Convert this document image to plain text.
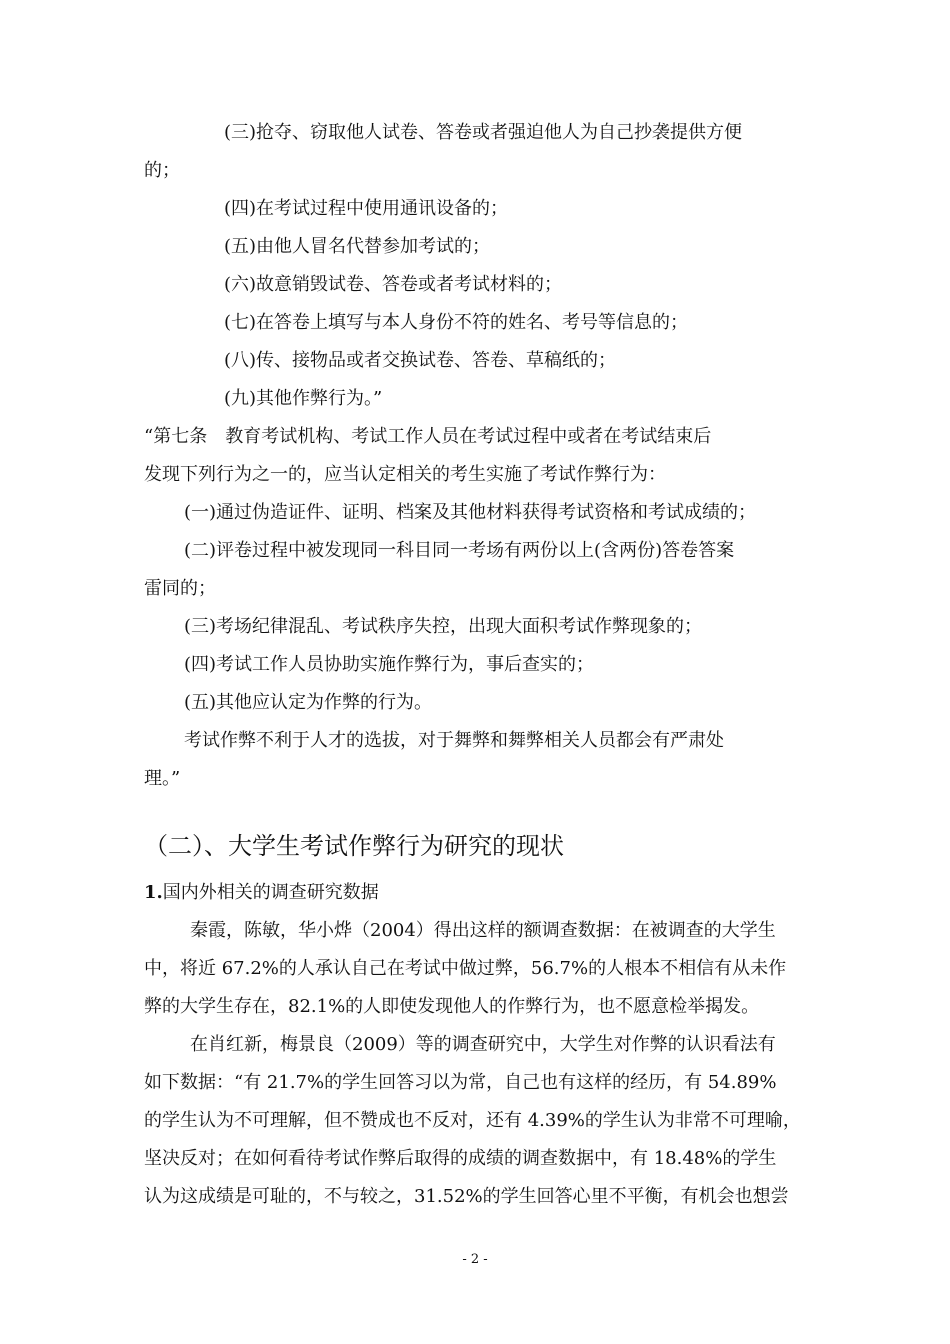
(三)抢夺、窃取他人试卷、答卷或者强迫他人为自己抄袭提供方便
的；
(四)在考试过程中使用通讯设备的；
(五)由他人冒名代替参加考试的；
(六)故意销毁试卷、答卷或者考试材料的；
(七)在答卷上填写与本人身份不符的姓名、考号等信息的；
(八)传、接物品或者交换试卷、答卷、草稿纸的；
(九)其他作弊行为。”
“第七条　教育考试机构、考试工作人员在考试过程中或者在考试结束后
发现下列行为之一的，应当认定相关的考生实施了考试作弊行为：
(一)通过伪造证件、证明、档案及其他材料获得考试资格和考试成绩的；
(二)评卷过程中被发现同一科目同一考场有两份以上(含两份)答卷答案
雷同的；
(三)考场纪律混乱、考试秩序失控，出现大面积考试作弊现象的；
(四)考试工作人员协助实施作弊行为，事后查实的；
(五)其他应认定为作弊的行为。
考试作弊不利于人才的选拔，对于舞弊和舞弊相关人员都会有严肃处
理。”
（二）、大学生考试作弊行为研究的现状
1.国内外相关的调查研究数据
秦霞，陈敏，华小烨（2004）得出这样的额调查数据：在被调查的大学生
中，将近 67.2%的人承认自己在考试中做过弊，56.7%的人根本不相信有从未作
弊的大学生存在，82.1%的人即使发现他人的作弊行为，也不愿意检举揭发。
在肖红新，梅景良（2009）等的调查研究中，大学生对作弊的认识看法有
如下数据：“有 21.7%的学生回答习以为常，自己也有这样的经历，有 54.89%
的学生认为不可理解，但不赞成也不反对，还有 4.39%的学生认为非常不可理喻，
坚决反对；在如何看待考试作弊后取得的成绩的调查数据中，有 18.48%的学生
认为这成绩是可耻的，不与较之，31.52%的学生回答心里不平衡，有机会也想尝
- 2 -
